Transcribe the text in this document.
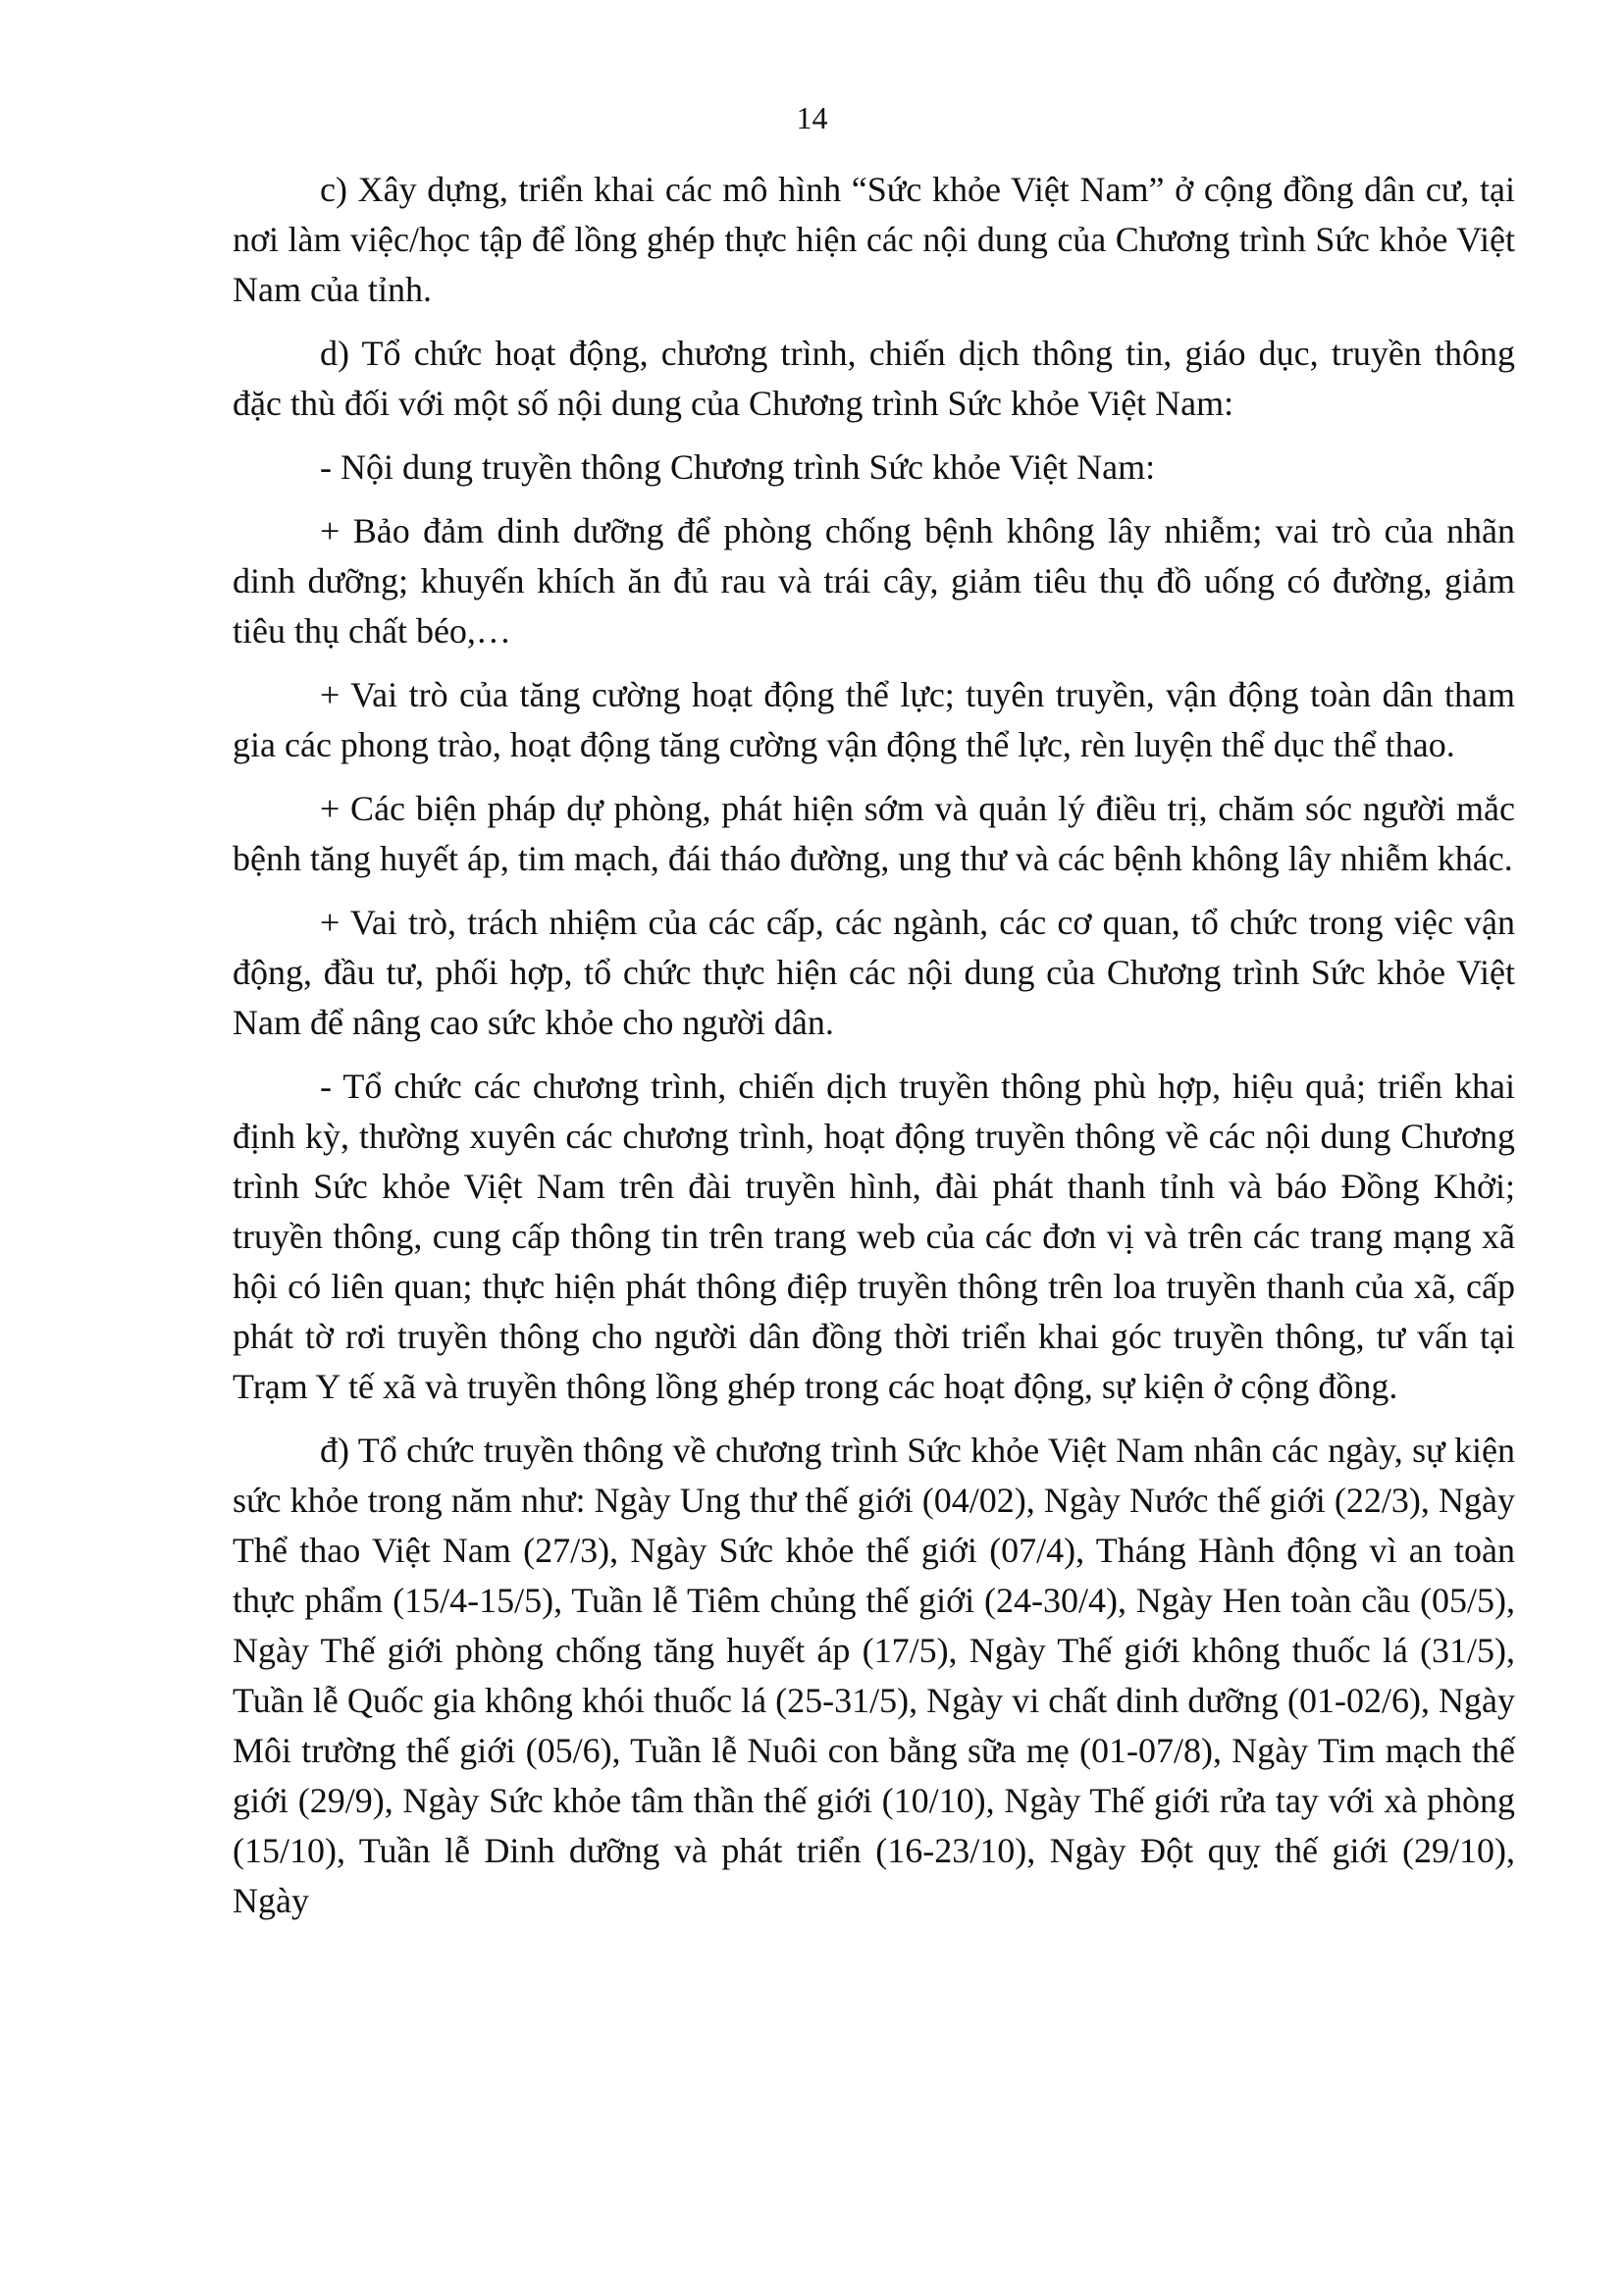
14

c) Xây dựng, triển khai các mô hình “Sức khỏe Việt Nam” ở cộng đồng dân cư, tại nơi làm việc/học tập để lồng ghép thực hiện các nội dung của Chương trình Sức khỏe Việt Nam của tỉnh.

d) Tổ chức hoạt động, chương trình, chiến dịch thông tin, giáo dục, truyền thông đặc thù đối với một số nội dung của Chương trình Sức khỏe Việt Nam:

- Nội dung truyền thông Chương trình Sức khỏe Việt Nam:

+ Bảo đảm dinh dưỡng để phòng chống bệnh không lây nhiễm; vai trò của nhãn dinh dưỡng; khuyến khích ăn đủ rau và trái cây, giảm tiêu thụ đồ uống có đường, giảm tiêu thụ chất béo,…

+ Vai trò của tăng cường hoạt động thể lực; tuyên truyền, vận động toàn dân tham gia các phong trào, hoạt động tăng cường vận động thể lực, rèn luyện thể dục thể thao.

+ Các biện pháp dự phòng, phát hiện sớm và quản lý điều trị, chăm sóc người mắc bệnh tăng huyết áp, tim mạch, đái tháo đường, ung thư và các bệnh không lây nhiễm khác.

+ Vai trò, trách nhiệm của các cấp, các ngành, các cơ quan, tổ chức trong việc vận động, đầu tư, phối hợp, tổ chức thực hiện các nội dung của Chương trình Sức khỏe Việt Nam để nâng cao sức khỏe cho người dân.

- Tổ chức các chương trình, chiến dịch truyền thông phù hợp, hiệu quả; triển khai định kỳ, thường xuyên các chương trình, hoạt động truyền thông về các nội dung Chương trình Sức khỏe Việt Nam trên đài truyền hình, đài phát thanh tỉnh và báo Đồng Khởi; truyền thông, cung cấp thông tin trên trang web của các đơn vị và trên các trang mạng xã hội có liên quan; thực hiện phát thông điệp truyền thông trên loa truyền thanh của xã, cấp phát tờ rơi truyền thông cho người dân đồng thời triển khai góc truyền thông, tư vấn tại Trạm Y tế xã và truyền thông lồng ghép trong các hoạt động, sự kiện ở cộng đồng.

đ) Tổ chức truyền thông về chương trình Sức khỏe Việt Nam nhân các ngày, sự kiện sức khỏe trong năm như: Ngày Ung thư thế giới (04/02), Ngày Nước thế giới (22/3), Ngày Thể thao Việt Nam (27/3), Ngày Sức khỏe thế giới (07/4), Tháng Hành động vì an toàn thực phẩm (15/4-15/5), Tuần lễ Tiêm chủng thế giới (24-30/4), Ngày Hen toàn cầu (05/5), Ngày Thế giới phòng chống tăng huyết áp (17/5), Ngày Thế giới không thuốc lá (31/5), Tuần lễ Quốc gia không khói thuốc lá (25-31/5), Ngày vi chất dinh dưỡng (01-02/6), Ngày Môi trường thế giới (05/6), Tuần lễ Nuôi con bằng sữa mẹ (01-07/8), Ngày Tim mạch thế giới (29/9), Ngày Sức khỏe tâm thần thế giới (10/10), Ngày Thế giới rửa tay với xà phòng (15/10), Tuần lễ Dinh dưỡng và phát triển (16-23/10), Ngày Đột quỵ thế giới (29/10), Ngày
